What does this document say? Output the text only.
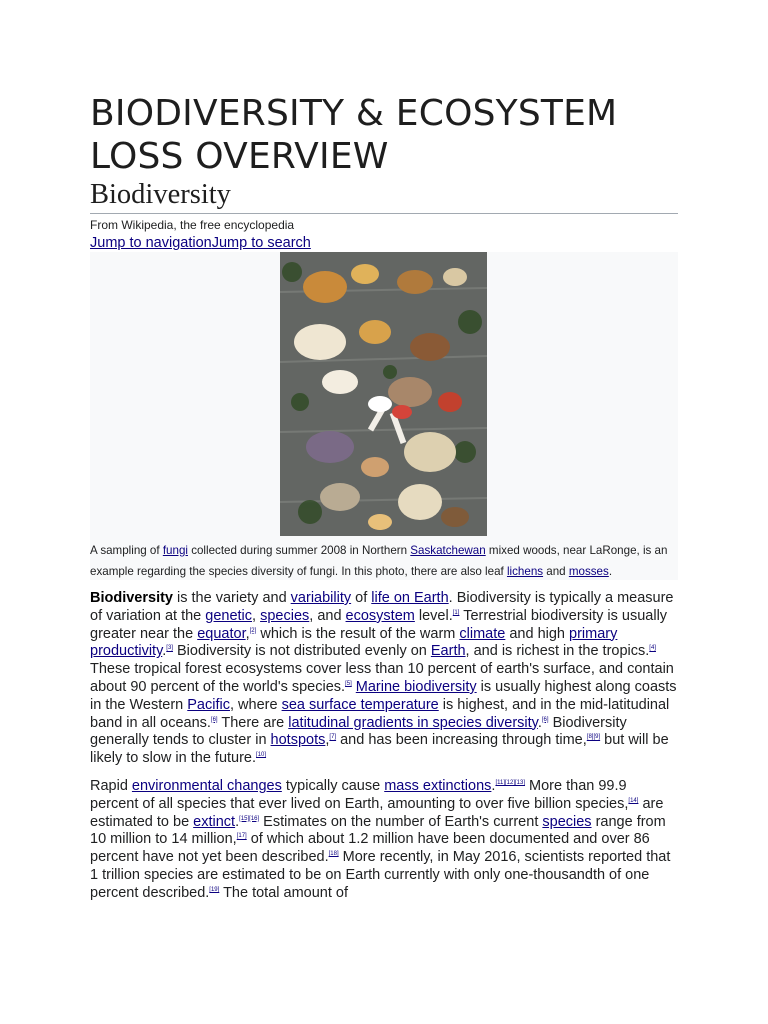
BIODIVERSITY & ECOSYSTEM LOSS OVERVIEW
Biodiversity
From Wikipedia, the free encyclopedia
Jump to navigationJump to search
A sampling of fungi collected during summer 2008 in Northern Saskatchewan mixed woods, near LaRonge, is an example regarding the species diversity of fungi. In this photo, there are also leaf lichens and mosses.

Biodiversity is the variety and variability of life on Earth. Biodiversity is typically a measure of variation at the genetic, species, and ecosystem level.[1] Terrestrial biodiversity is usually greater near the equator,[2] which is the result of the warm climate and high primary productivity.[3] Biodiversity is not distributed evenly on Earth, and is richest in the tropics.[4] These tropical forest ecosystems cover less than 10 percent of earth's surface, and contain about 90 percent of the world's species.[5] Marine biodiversity is usually highest along coasts in the Western Pacific, where sea surface temperature is highest, and in the mid-latitudinal band in all oceans.[6] There are latitudinal gradients in species diversity.[6] Biodiversity generally tends to cluster in hotspots,[7] and has been increasing through time,[8][9] but will be likely to slow in the future.[10]

Rapid environmental changes typically cause mass extinctions.[11][12][13] More than 99.9 percent of all species that ever lived on Earth, amounting to over five billion species,[14] are estimated to be extinct.[15][16] Estimates on the number of Earth's current species range from 10 million to 14 million,[17] of which about 1.2 million have been documented and over 86 percent have not yet been described.[18] More recently, in May 2016, scientists reported that 1 trillion species are estimated to be on Earth currently with only one-thousandth of one percent described.[19] The total amount of
